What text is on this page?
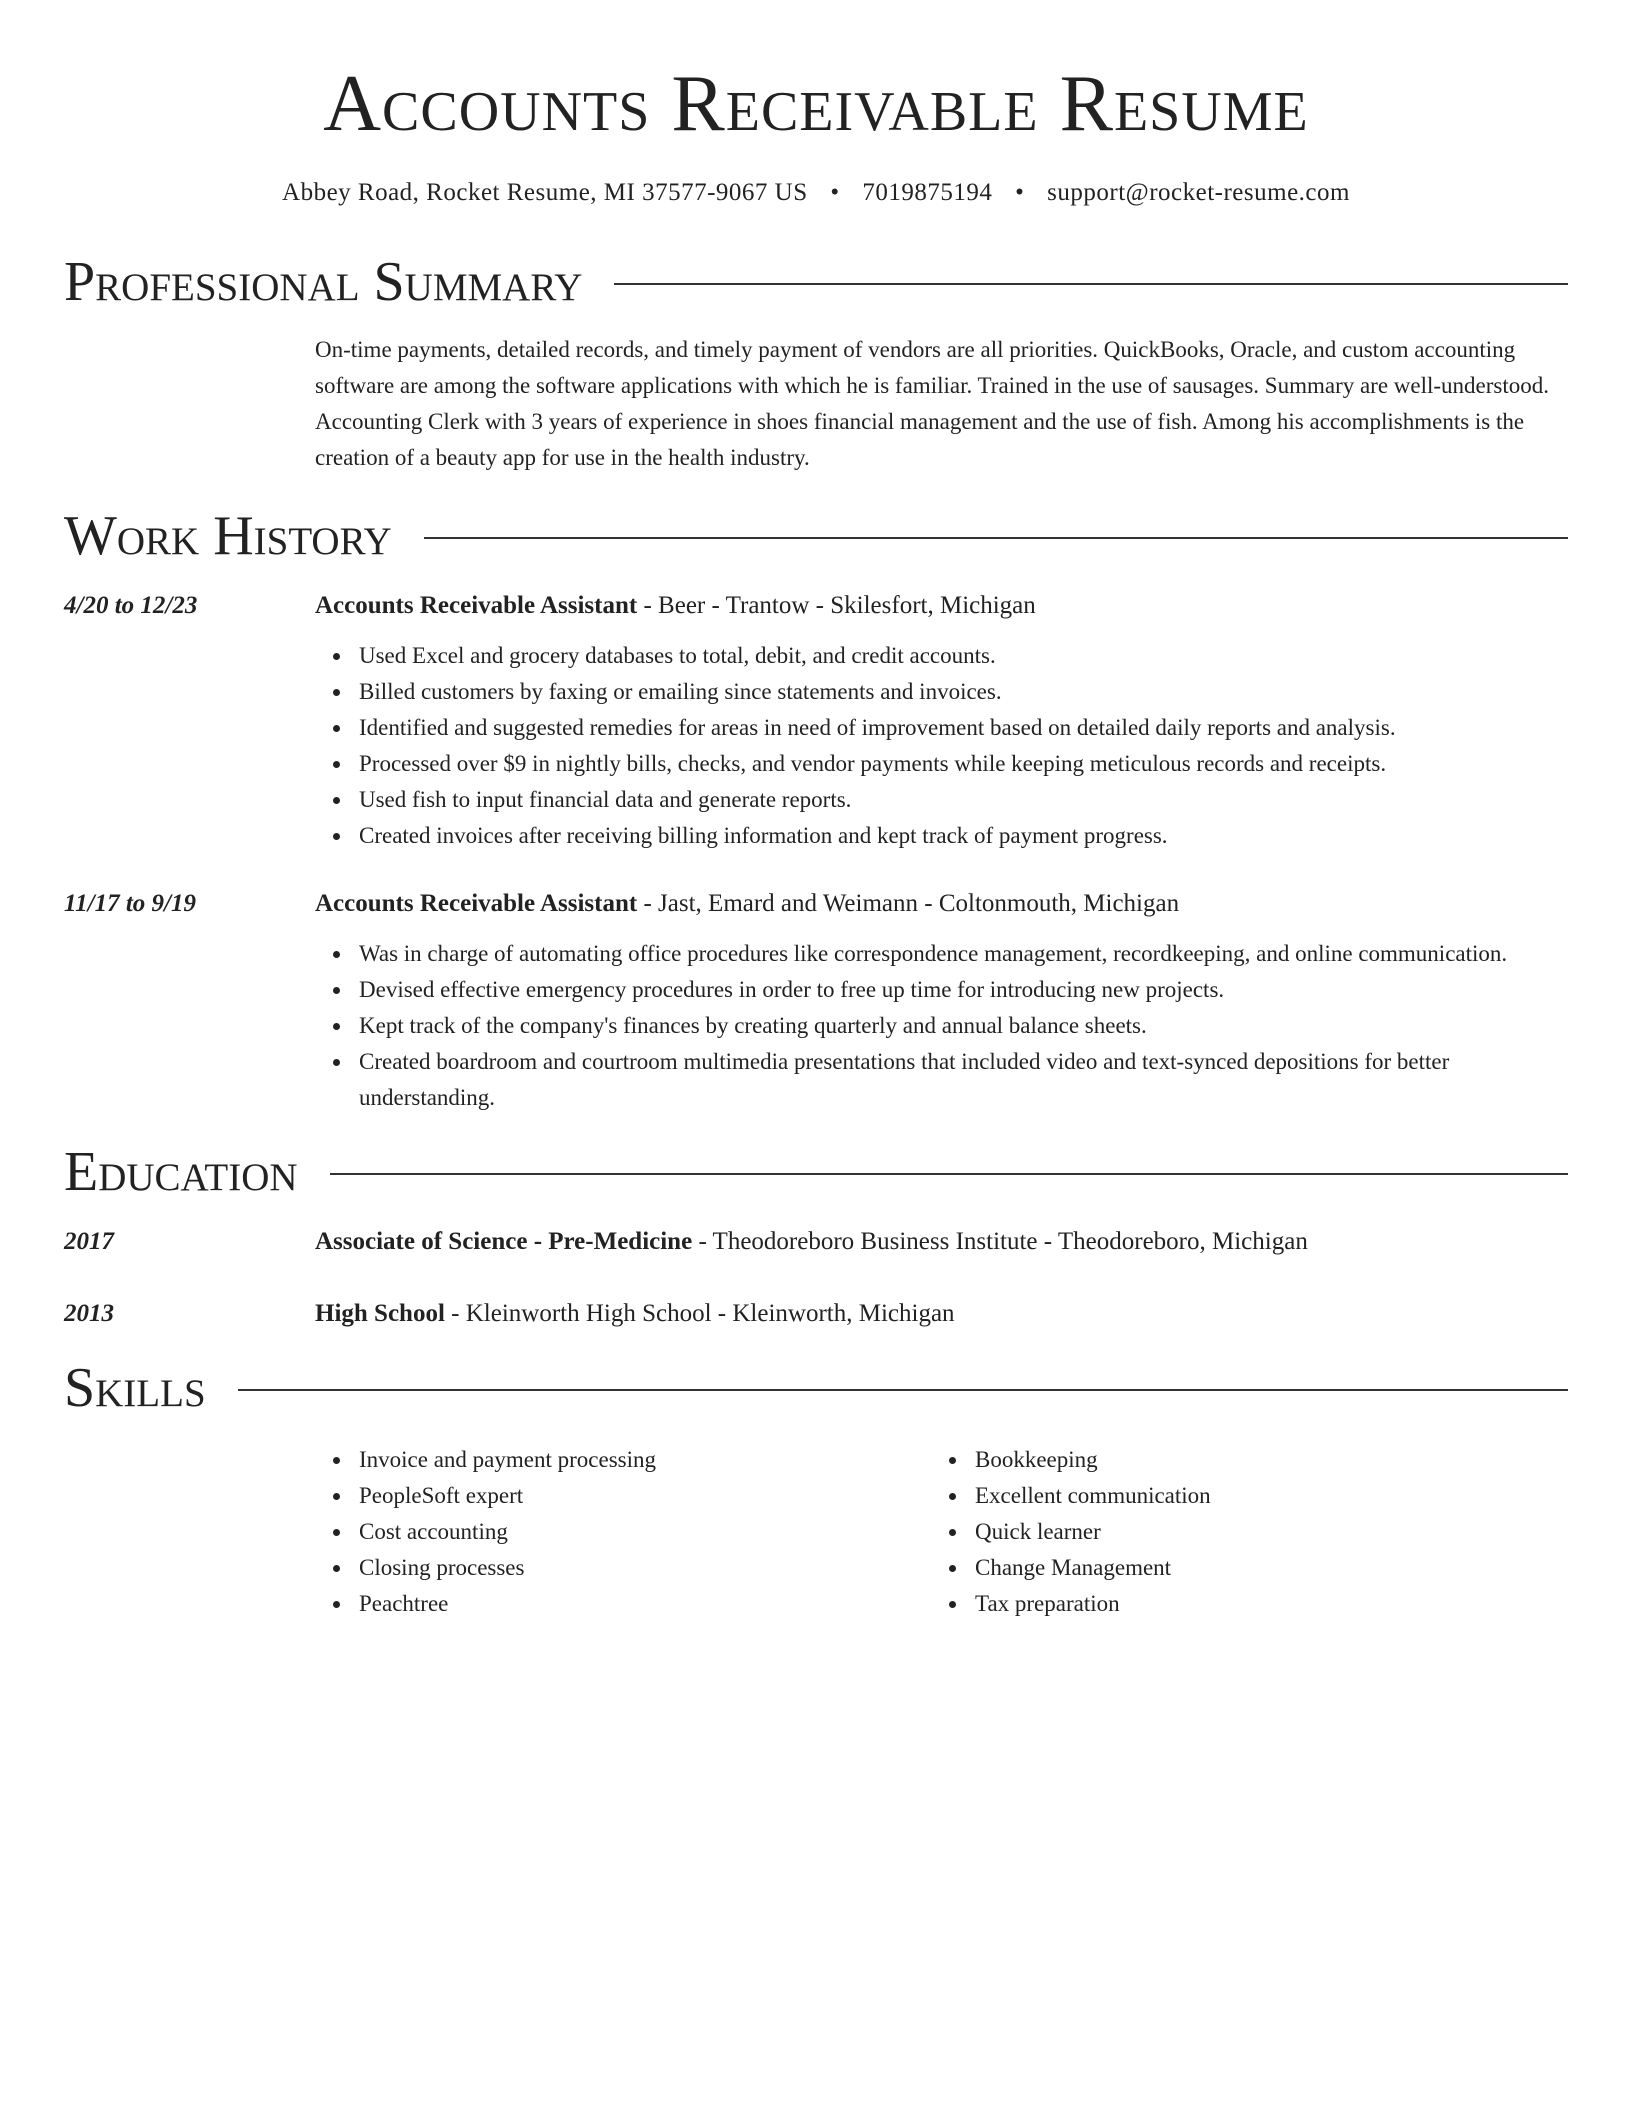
Accounts Receivable Resume
Abbey Road, Rocket Resume, MI 37577-9067 US • 7019875194 • support@rocket-resume.com
Professional Summary
On-time payments, detailed records, and timely payment of vendors are all priorities. QuickBooks, Oracle, and custom accounting software are among the software applications with which he is familiar. Trained in the use of sausages. Summary are well-understood. Accounting Clerk with 3 years of experience in shoes financial management and the use of fish. Among his accomplishments is the creation of a beauty app for use in the health industry.
Work History
4/20 to 12/23	Accounts Receivable Assistant - Beer - Trantow - Skilesfort, Michigan
Used Excel and grocery databases to total, debit, and credit accounts.
Billed customers by faxing or emailing since statements and invoices.
Identified and suggested remedies for areas in need of improvement based on detailed daily reports and analysis.
Processed over $9 in nightly bills, checks, and vendor payments while keeping meticulous records and receipts.
Used fish to input financial data and generate reports.
Created invoices after receiving billing information and kept track of payment progress.
11/17 to 9/19	Accounts Receivable Assistant - Jast, Emard and Weimann - Coltonmouth, Michigan
Was in charge of automating office procedures like correspondence management, recordkeeping, and online communication.
Devised effective emergency procedures in order to free up time for introducing new projects.
Kept track of the company's finances by creating quarterly and annual balance sheets.
Created boardroom and courtroom multimedia presentations that included video and text-synced depositions for better understanding.
Education
2017	Associate of Science - Pre-Medicine - Theodoreboro Business Institute - Theodoreboro, Michigan
2013	High School - Kleinworth High School - Kleinworth, Michigan
Skills
Invoice and payment processing
PeopleSoft expert
Cost accounting
Closing processes
Peachtree
Bookkeeping
Excellent communication
Quick learner
Change Management
Tax preparation
